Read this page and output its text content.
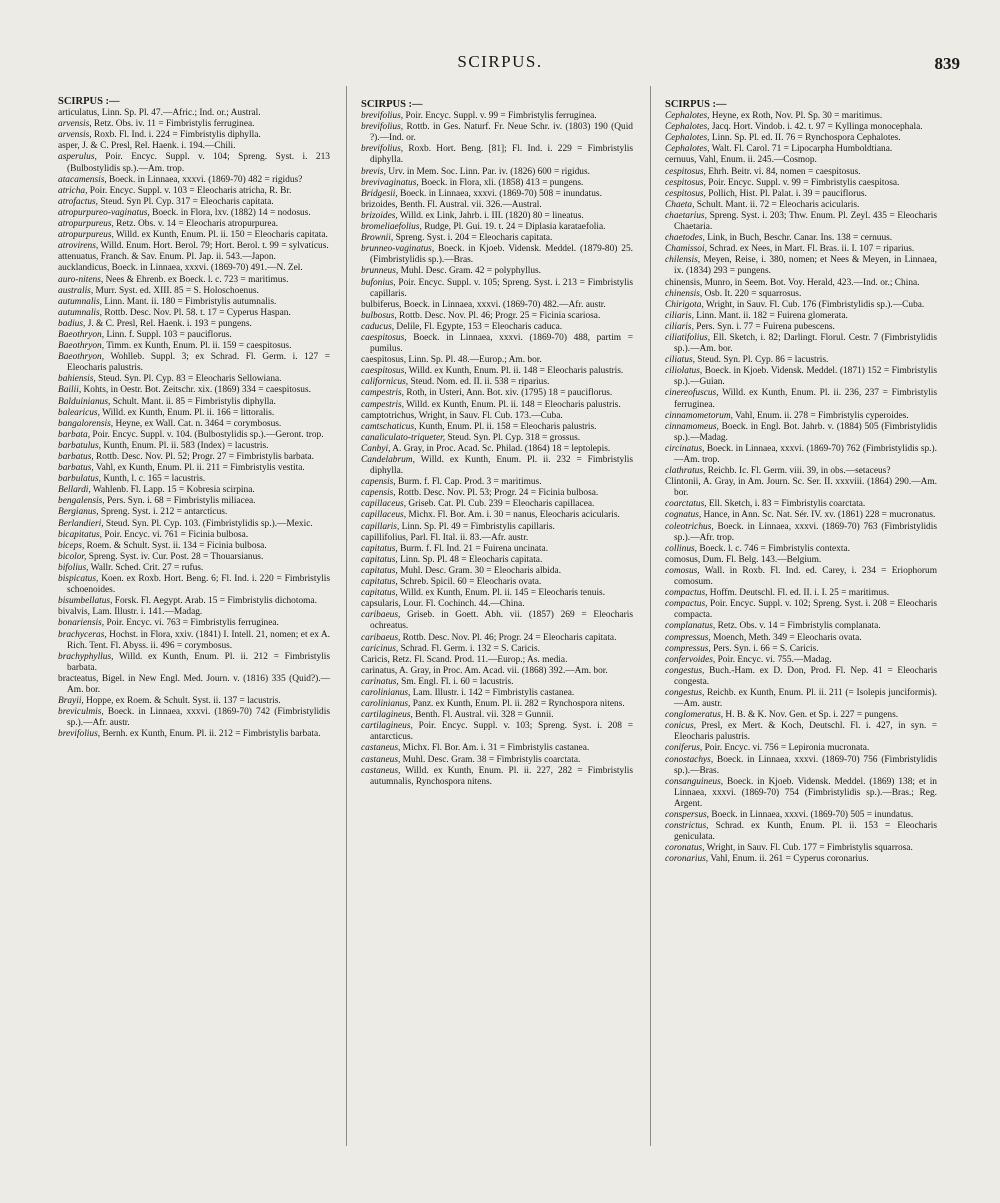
SCIRPUS.	839
SCIRPUS :—

articulatus, Linn. Sp. Pl. 47.—Afric.; Ind. or.; Austral.

arvensis, Retz. Obs. iv. 11 = Fimbristylis ferruginea.

arvensis, Roxb. Fl. Ind. i. 224 = Fimbristylis diphylla.

asper, J. & C. Presl, Rel. Haenk. i. 194.—Chili.

asperulus, Poir. Encyc. Suppl. v. 104; Spreng. Syst. i. 213 (Bulbostylidis sp.).—Am. trop.

atacamensis, Boeck. in Linnaea, xxxvi. (1869-70) 482 = rigidus?

atricha, Poir. Encyc. Suppl. v. 103 = Eleocharis atricha, R. Br.

atrofactus, Steud. Syn Pl. Cyp. 317 = Eleocharis capitata.

atropurpureo-vaginatus, Boeck. in Flora, lxv. (1882) 14 = nodosus.

atropurpureus, Retz. Obs. v. 14 = Eleocharis atropurpurea.

atropurpureus, Willd. ex Kunth, Enum. Pl. ii. 150 = Eleocharis capitata.

atrovirens, Willd. Enum. Hort. Berol. 79; Hort. Berol. t. 99 = sylvaticus.

attenuatus, Franch. & Sav. Enum. Pl. Jap. ii. 543.—Japon.

aucklandicus, Boeck. in Linnaea, xxxvi. (1869-70) 491.—N. Zel.

auro-nitens, Nees & Ehrenb. ex Boeck. l. c. 723 = maritimus.

australis, Murr. Syst. ed. XIII. 85 = S. Holoschoenus.

autumnalis, Linn. Mant. ii. 180 = Fimbristylis autumnalis.

autumnalis, Rottb. Desc. Nov. Pl. 58. t. 17 = Cyperus Haspan.

badius, J. & C. Presl, Rel. Haenk. i. 193 = pungens.

Baeothryon, Linn. f. Suppl. 103 = pauciflorus.

Baeothryon, Timm. ex Kunth, Enum. Pl. ii. 159 = caespitosus.

Baeothryon, Wohlleb. Suppl. 3; ex Schrad. Fl. Germ. i. 127 = Eleocharis palustris.

bahiensis, Steud. Syn. Pl. Cyp. 83 = Eleocharis Sellowiana.

Bailii, Kohts, in Oestr. Bot. Zeitschr. xix. (1869) 334 = caespitosus.

Balduinianus, Schult. Mant. ii. 85 = Fimbristylis diphylla.

balearicus, Willd. ex Kunth, Enum. Pl. ii. 166 = littoralis.

bangalorensis, Heyne, ex Wall. Cat. n. 3464 = corymbosus.

barbata, Poir. Encyc. Suppl. v. 104. (Bulbostylidis sp.).—Geront. trop.

barbatulus, Kunth, Enum. Pl. ii. 583 (Index) = lacustris.

barbatus, Rottb. Desc. Nov. Pl. 52; Progr. 27 = Fimbristylis barbata.

barbatus, Vahl, ex Kunth, Enum. Pl. ii. 211 = Fimbristylis vestita.

barbulatus, Kunth, l. c. 165 = lacustris.

Bellardi, Wahlenb. Fl. Lapp. 15 = Kobresia scirpina.

bengalensis, Pers. Syn. i. 68 = Fimbristylis miliacea.

Bergianus, Spreng. Syst. i. 212 = antarcticus.

Berlandieri, Steud. Syn. Pl. Cyp. 103. (Fimbristylidis sp.).—Mexic.

bicapitatus, Poir. Encyc. vi. 761 = Ficinia bulbosa.

biceps, Roem. & Schult. Syst. ii. 134 = Ficinia bulbosa.

bicolor, Spreng. Syst. iv. Cur. Post. 28 = Thouarsianus.

bifolius, Wallr. Sched. Crit. 27 = rufus.

bispicatus, Koen. ex Roxb. Hort. Beng. 6; Fl. Ind. i. 220 = Fimbristylis schoenoides.

bisumbellatus, Forsk. Fl. Aegypt. Arab. 15 = Fimbristylis dichotoma.

bivalvis, Lam. Illustr. i. 141.—Madag.

bonariensis, Poir. Encyc. vi. 763 = Fimbristylis ferruginea.

brachyceras, Hochst. in Flora, xxiv. (1841) I. Intell. 21, nomen; et ex A. Rich. Tent. Fl. Abyss. ii. 496 = corymbosus.

brachyphyllus, Willd. ex Kunth, Enum. Pl. ii. 212 = Fimbristylis barbata.

bracteatus, Bigel. in New Engl. Med. Journ. v. (1816) 335 (Quid?).—Am. bor.

Brayii, Hoppe, ex Roem. & Schult. Syst. ii. 137 = lacustris.

breviculmis, Boeck. in Linnaea, xxxvi. (1869-70) 742 (Fimbristylidis sp.).—Afr. austr.

brevifolius, Bernh. ex Kunth, Enum. Pl. ii. 212 = Fimbristylis barbata.

SCIRPUS :—

brevifolius, Poir. Encyc. Suppl. v. 99 = Fimbristylis ferruginea.

brevifolius, Rottb. in Ges. Naturf. Fr. Neue Schr. iv. (1803) 190 (Quid ?).—Ind. or.

brevifolius, Roxb. Hort. Beng. [81]; Fl. Ind. i. 229 = Fimbristylis diphylla.

brevis, Urv. in Mem. Soc. Linn. Par. iv. (1826) 600 = rigidus.

brevivaginatus, Boeck. in Flora, xli. (1858) 413 = pungens.

Bridgesii, Boeck. in Linnaea, xxxvi. (1869-70) 508 = inundatus.

brizoides, Benth. Fl. Austral. vii. 326.—Austral.

brizoides, Willd. ex Link, Jahrb. i. III. (1820) 80 = lineatus.

bromeliaefolius, Rudge, Pl. Gui. 19. t. 24 = Diplasia karataefolia.

Brownii, Spreng. Syst. i. 204 = Eleocharis capitata.

brunneo-vaginatus, Boeck. in Kjoeb. Vidensk. Meddel. (1879-80) 25. (Fimbristylidis sp.).—Bras.

brunneus, Muhl. Desc. Gram. 42 = polyphyllus.

bufonius, Poir. Encyc. Suppl. v. 105; Spreng. Syst. i. 213 = Fimbristylis capillaris.

bulbiferus, Boeck. in Linnaea, xxxvi. (1869-70) 482.—Afr. austr.

bulbosus, Rottb. Desc. Nov. Pl. 46; Progr. 25 = Ficinia scariosa.

caducus, Delile, Fl. Egypte, 153 = Eleocharis caduca.

caespitosus, Boeck. in Linnaea, xxxvi. (1869-70) 488, partim = pumilus.

caespitosus, Linn. Sp. Pl. 48.—Europ.; Am. bor.

caespitosus, Willd. ex Kunth, Enum. Pl. ii. 148 = Eleocharis palustris.

californicus, Steud. Nom. ed. II. ii. 538 = riparius.

campestris, Roth, in Usteri, Ann. Bot. xiv. (1795) 18 = pauciflorus.

campestris, Willd. ex Kunth, Enum. Pl. ii. 148 = Eleocharis palustris.

camptotrichus, Wright, in Sauv. Fl. Cub. 173.—Cuba.

camtschaticus, Kunth, Enum. Pl. ii. 158 = Eleocharis palustris.

canaliculato-triqueter, Steud. Syn. Pl. Cyp. 318 = grossus.

Canbyi, A. Gray, in Proc. Acad. Sc. Philad. (1864) 18 = leptolepis.

Candelabrum, Willd. ex Kunth, Enum. Pl. ii. 232 = Fimbristylis diphylla.

capensis, Burm. f. Fl. Cap. Prod. 3 = maritimus.

capensis, Rottb. Desc. Nov. Pl. 53; Progr. 24 = Ficinia bulbosa.

capillaceus, Griseb. Cat. Pl. Cub. 239 = Eleocharis capillacea.

capillaceus, Michx. Fl. Bor. Am. i. 30 = nanus, Eleocharis acicularis.

capillaris, Linn. Sp. Pl. 49 = Fimbristylis capillaris.

capillifolius, Parl. Fl. Ital. ii. 83.—Afr. austr.

capitatus, Burm. f. Fl. Ind. 21 = Fuirena uncinata.

capitatus, Linn. Sp. Pl. 48 = Eleocharis capitata.

capitatus, Muhl. Desc. Gram. 30 = Eleocharis albida.

capitatus, Schreb. Spicil. 60 = Eleocharis ovata.

capitatus, Willd. ex Kunth, Enum. Pl. ii. 145 = Eleocharis tenuis.

capsularis, Lour. Fl. Cochinch. 44.—China.

caribaeus, Griseb. in Goett. Abh. vii. (1857) 269 = Eleocharis ochreatus.

caribaeus, Rottb. Desc. Nov. Pl. 46; Progr. 24 = Eleocharis capitata.

caricinus, Schrad. Fl. Germ. i. 132 = S. Caricis.

Caricis, Retz. Fl. Scand. Prod. 11.—Europ.; As. media.

carinatus, A. Gray, in Proc. Am. Acad. vii. (1868) 392.—Am. bor.

carinatus, Sm. Engl. Fl. i. 60 = lacustris.

carolinianus, Lam. Illustr. i. 142 = Fimbristylis castanea.

carolinianus, Panz. ex Kunth, Enum. Pl. ii. 282 = Rynchospora nitens.

cartilagineus, Benth. Fl. Austral. vii. 328 = Gunnii.

cartilagineus, Poir. Encyc. Suppl. v. 103; Spreng. Syst. i. 208 = antarcticus.

castaneus, Michx. Fl. Bor. Am. i. 31 = Fimbristylis castanea.

castaneus, Muhl. Desc. Gram. 38 = Fimbristylis coarctata.

castaneus, Willd. ex Kunth, Enum. Pl. ii. 227, 282 = Fimbristylis autumnalis, Rynchospora nitens.

SCIRPUS :—

Cephalotes, Heyne, ex Roth, Nov. Pl. Sp. 30 = maritimus.

Cephalotes, Jacq. Hort. Vindob. i. 42. t. 97 = Kyllinga monocephala.

Cephalotes, Linn. Sp. Pl. ed. II. 76 = Rynchospora Cephalotes.

Cephalotes, Walt. Fl. Carol. 71 = Lipocarpha Humboldtiana.

cernuus, Vahl, Enum. ii. 245.—Cosmop.

cespitosus, Ehrh. Beitr. vi. 84, nomen = caespitosus.

cespitosus, Poir. Encyc. Suppl. v. 99 = Fimbristylis caespitosa.

cespitosus, Pollich, Hist. Pl. Palat. i. 39 = pauciflorus.

Chaeta, Schult. Mant. ii. 72 = Eleocharis acicularis.

chaetarius, Spreng. Syst. i. 203; Thw. Enum. Pl. Zeyl. 435 = Eleocharis Chaetaria.

chaetodes, Link, in Buch, Beschr. Canar. Ins. 138 = cernuus.

Chamissoi, Schrad. ex Nees, in Mart. Fl. Bras. ii. I. 107 = riparius.

chilensis, Meyen, Reise, i. 380, nomen; et Nees & Meyen, in Linnaea, ix. (1834) 293 = pungens.

chinensis, Munro, in Seem. Bot. Voy. Herald, 423.—Ind. or.; China.

chinensis, Osb. It. 220 = squarrosus.

Chirigota, Wright, in Sauv. Fl. Cub. 176 (Fimbristylidis sp.).—Cuba.

ciliaris, Linn. Mant. ii. 182 = Fuirena glomerata.

ciliaris, Pers. Syn. i. 77 = Fuirena pubescens.

ciliatifolius, Ell. Sketch, i. 82; Darlingt. Florul. Cestr. 7 (Fimbristylidis sp.).—Am. bor.

ciliatus, Steud. Syn. Pl. Cyp. 86 = lacustris.

ciliolatus, Boeck. in Kjoeb. Vidensk. Meddel. (1871) 152 = Fimbristylis sp.).—Guian.

cinereofuscus, Willd. ex Kunth, Enum. Pl. ii. 236, 237 = Fimbristylis ferruginea.

cinnamometorum, Vahl, Enum. ii. 278 = Fimbristylis cyperoides.

cinnamomeus, Boeck. in Engl. Bot. Jahrb. v. (1884) 505 (Fimbristylidis sp.).—Madag.

circinatus, Boeck. in Linnaea, xxxvi. (1869-70) 762 (Fimbristylidis sp.).—Am. trop.

clathratus, Reichb. Ic. Fl. Germ. viii. 39, in obs.—setaceus?

Clintonii, A. Gray, in Am. Journ. Sc. Ser. II. xxxviii. (1864) 290.—Am. bor.

coarctatus, Ell. Sketch, i. 83 = Fimbristylis coarctata.

cognatus, Hance, in Ann. Sc. Nat. Sér. IV. xv. (1861) 228 = mucronatus.

coleotrichus, Boeck. in Linnaea, xxxvi. (1869-70) 763 (Fimbristylidis sp.).—Afr. trop.

collinus, Boeck. l. c. 746 = Fimbristylis contexta.

comosus, Dum. Fl. Belg. 143.—Belgium.

comosus, Wall. in Roxb. Fl. Ind. ed. Carey, i. 234 = Eriophorum comosum.

compactus, Hoffm. Deutschl. Fl. ed. II. i. I. 25 = maritimus.

compactus, Poir. Encyc. Suppl. v. 102; Spreng. Syst. i. 208 = Eleocharis compacta.

complanatus, Retz. Obs. v. 14 = Fimbristylis complanata.

compressus, Moench, Meth. 349 = Eleocharis ovata.

compressus, Pers. Syn. i. 66 = S. Caricis.

confervoides, Poir. Encyc. vi. 755.—Madag.

congestus, Buch.-Ham. ex D. Don, Prod. Fl. Nep. 41 = Eleocharis congesta.

congestus, Reichb. ex Kunth, Enum. Pl. ii. 211 (= Isolepis junciformis).—Am. austr.

conglomeratus, H. B. & K. Nov. Gen. et Sp. i. 227 = pungens.

conicus, Presl, ex Mert. & Koch, Deutschl. Fl. i. 427, in syn. = Eleocharis palustris.

coniferus, Poir. Encyc. vi. 756 = Lepironia mucronata.

conostachys, Boeck. in Linnaea, xxxvi. (1869-70) 756 (Fimbristylidis sp.).—Bras.

consanguineus, Boeck. in Kjoeb. Vidensk. Meddel. (1869) 138; et in Linnaea, xxxvi. (1869-70) 754 (Fimbristylidis sp.).—Bras.; Reg. Argent.

conspersus, Boeck. in Linnaea, xxxvi. (1869-70) 505 = inundatus.

constrictus, Schrad. ex Kunth, Enum. Pl. ii. 153 = Eleocharis geniculata.

coronatus, Wright, in Sauv. Fl. Cub. 177 = Fimbristylis squarrosa.

coronarius, Vahl, Enum. ii. 261 = Cyperus coronarius.
